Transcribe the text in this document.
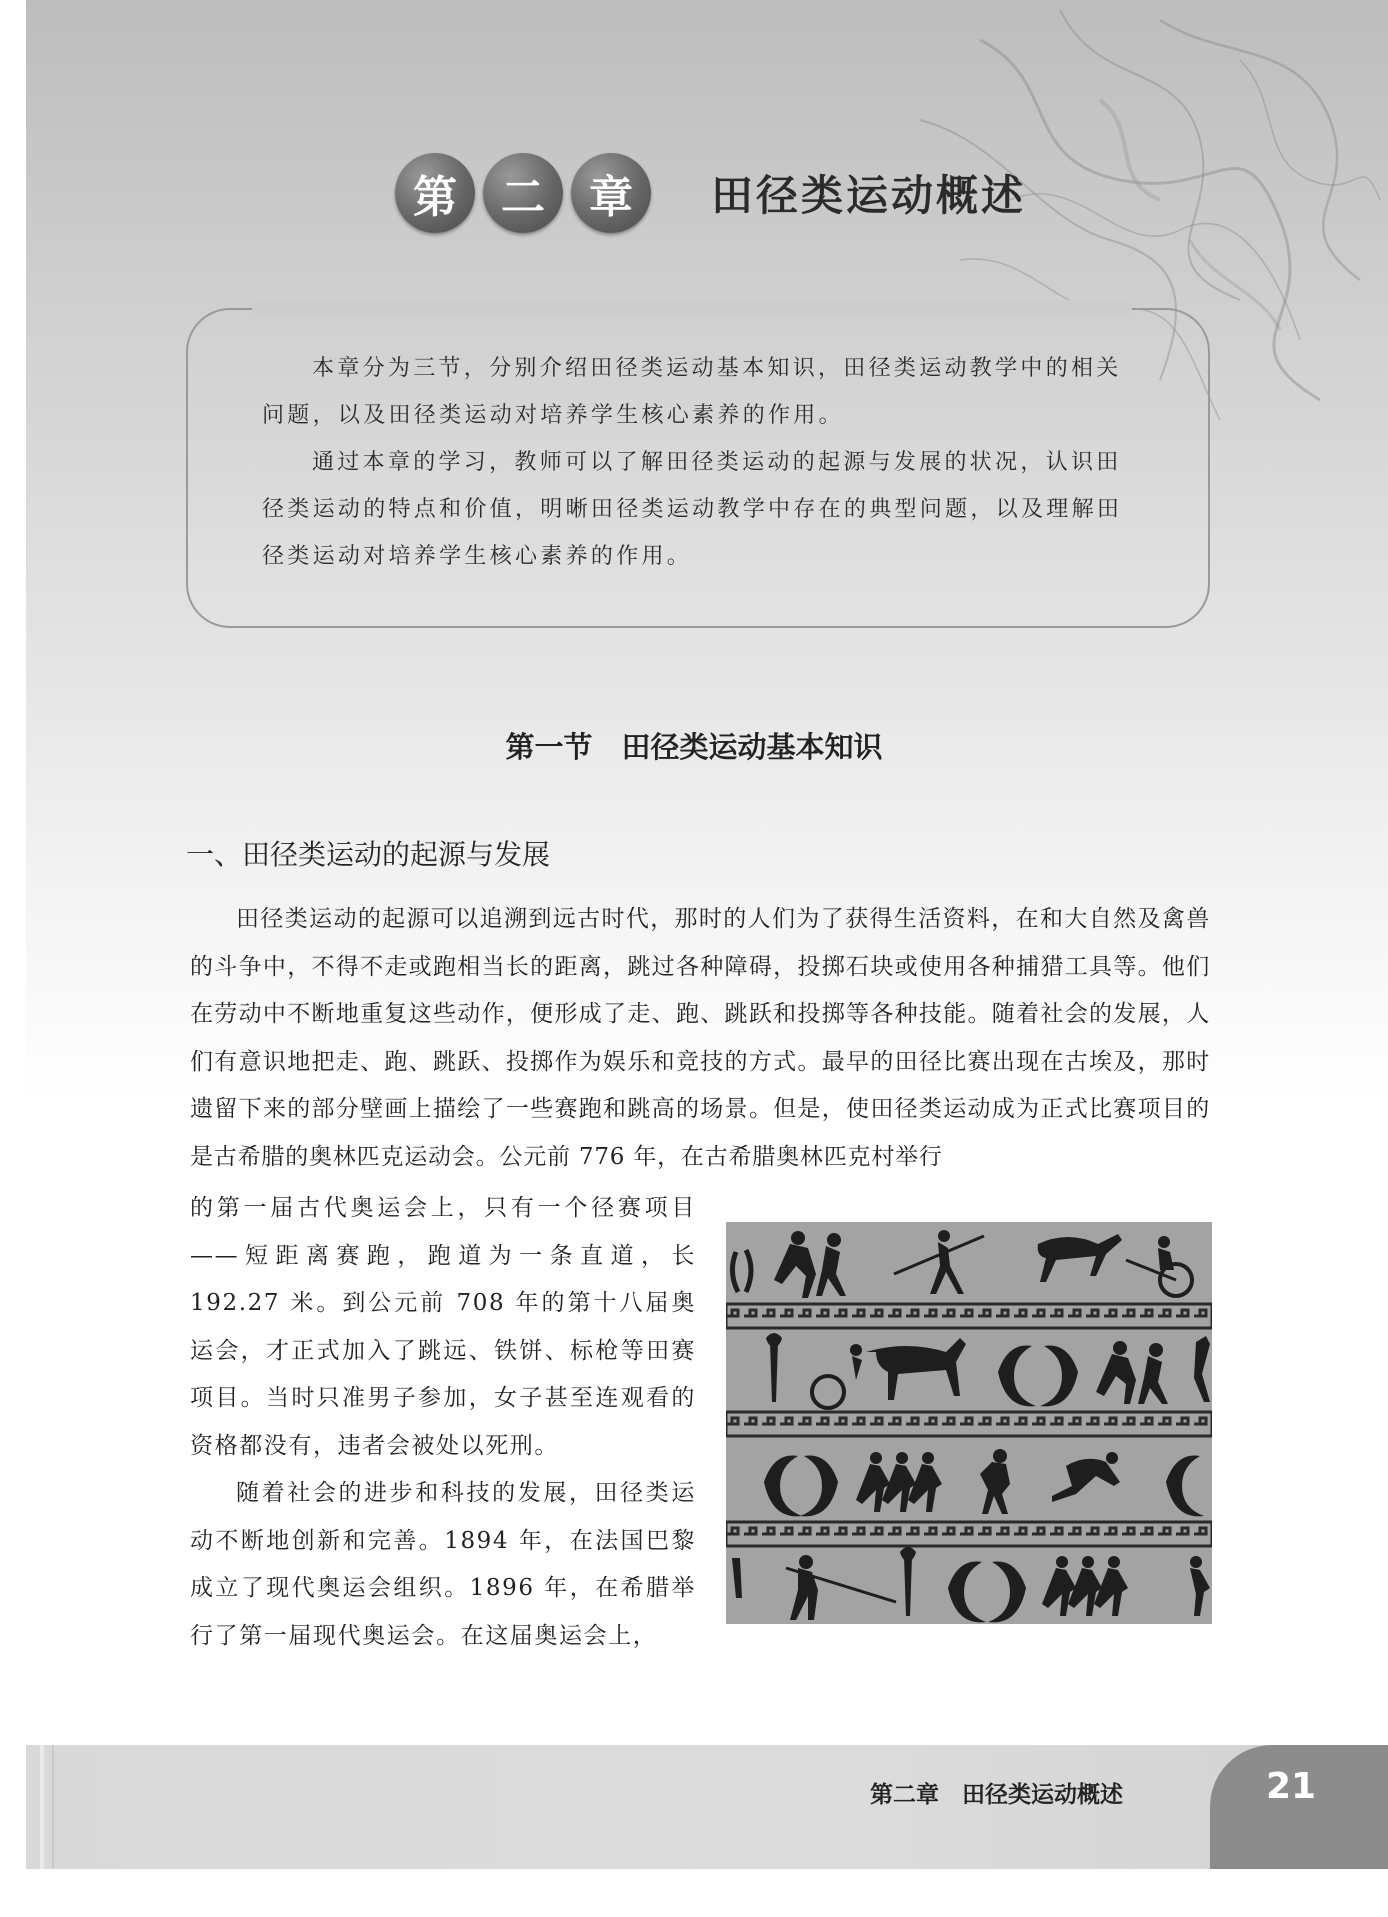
第	二	章	田径类运动概述

本章分为三节，分别介绍田径类运动基本知识，田径类运动教学中的相关问题，以及田径类运动对培养学生核心素养的作用。

通过本章的学习，教师可以了解田径类运动的起源与发展的状况，认识田径类运动的特点和价值，明晰田径类运动教学中存在的典型问题，以及理解田径类运动对培养学生核心素养的作用。

第一节　田径类运动基本知识
一、田径类运动的起源与发展

田径类运动的起源可以追溯到远古时代，那时的人们为了获得生活资料，在和大自然及禽兽的斗争中，不得不走或跑相当长的距离，跳过各种障碍，投掷石块或使用各种捕猎工具等。他们在劳动中不断地重复这些动作，便形成了走、跑、跳跃和投掷等各种技能。随着社会的发展，人们有意识地把走、跑、跳跃、投掷作为娱乐和竞技的方式。最早的田径比赛出现在古埃及，那时遗留下来的部分壁画上描绘了一些赛跑和跳高的场景。但是，使田径类运动成为正式比赛项目的是古希腊的奥林匹克运动会。公元前 776 年，在古希腊奥林匹克村举行

的第一届古代奥运会上，只有一个径赛项目——短距离赛跑，跑道为一条直道，长 192.27 米。到公元前 708 年的第十八届奥运会，才正式加入了跳远、铁饼、标枪等田赛项目。当时只准男子参加，女子甚至连观看的资格都没有，违者会被处以死刑。

随着社会的进步和科技的发展，田径类运动不断地创新和完善。1894 年，在法国巴黎成立了现代奥运会组织。1896 年，在希腊举行了第一届现代奥运会。在这届奥运会上，

第二章　田径类运动概述	21
